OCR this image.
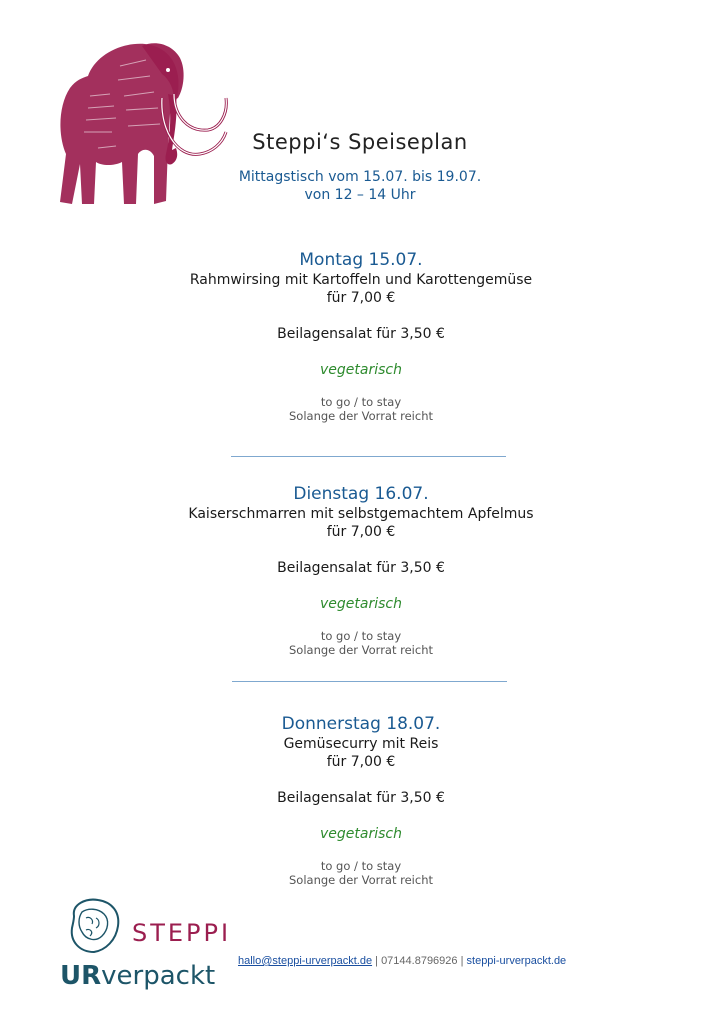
Steppi‘s Speiseplan
Mittagstisch vom 15.07. bis 19.07.
von 12 – 14 Uhr
Montag 15.07.
Rahmwirsing mit Kartoffeln und Karottengemüse
für 7,00 €
Beilagensalat für 3,50 €
vegetarisch
to go / to stay
Solange der Vorrat reicht
Dienstag 16.07.
Kaiserschmarren mit selbstgemachtem Apfelmus
für 7,00 €
Beilagensalat für 3,50 €
vegetarisch
to go / to stay
Solange der Vorrat reicht
Donnerstag 18.07.
Gemüsecurry mit Reis
für 7,00 €
Beilagensalat für 3,50 €
vegetarisch
to go / to stay
Solange der Vorrat reicht
STEPPI
URverpackt hallo@steppi-urverpackt.de | 07144.8796926 | steppi-urverpackt.de
